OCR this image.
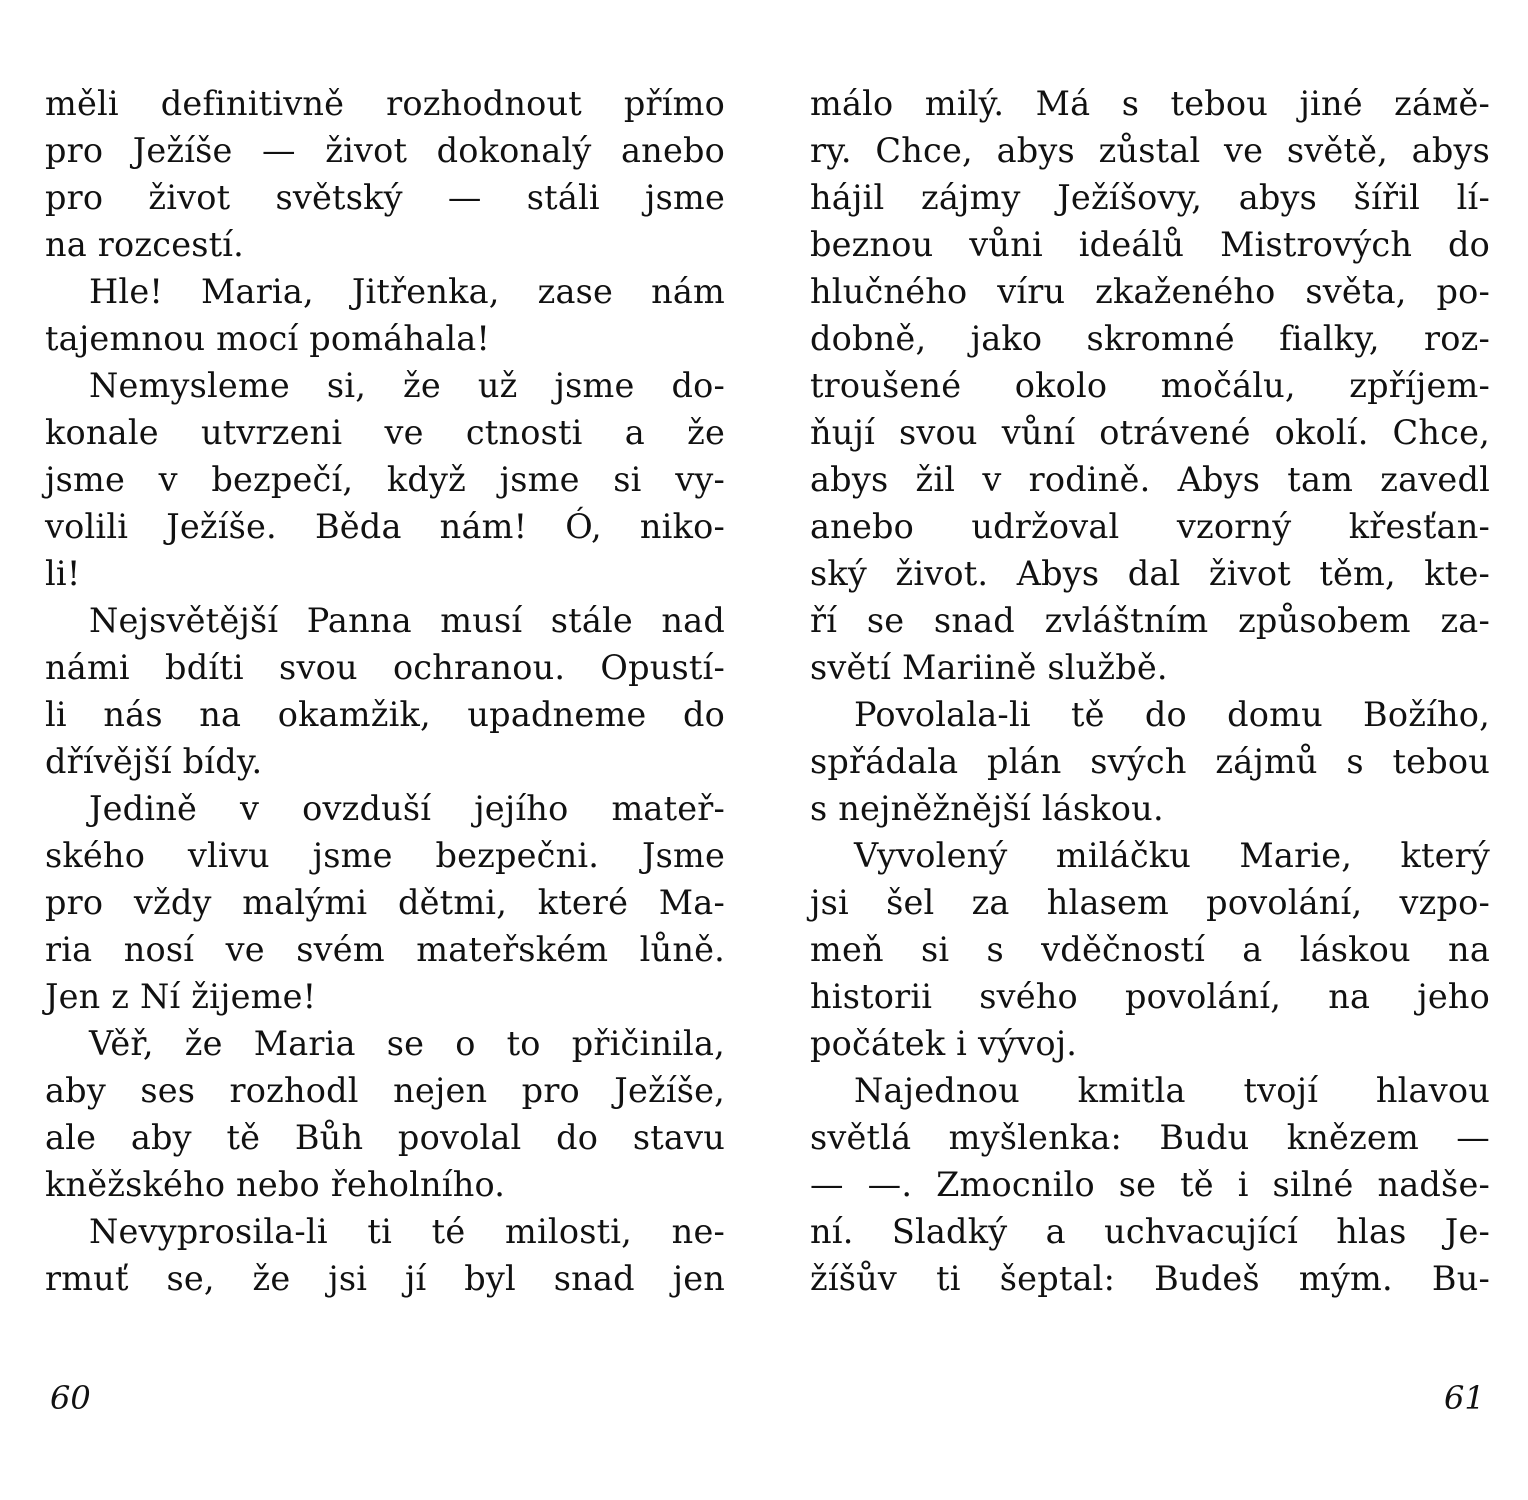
měli definitivně rozhodnout přímo
pro Ježíše — život dokonalý anebo
pro život světský — stáli jsme
na rozcestí.
Hle! Maria, Jitřenka, zase nám
tajemnou mocí pomáhala!
Nemysleme si, že už jsme do-
konale utvrzeni ve ctnosti a že
jsme v bezpečí, když jsme si vy-
volili Ježíše. Běda nám! Ó, niko-
li!
Nejsvětější Panna musí stále nad
námi bdíti svou ochranou. Opustí-
li nás na okamžik, upadneme do
dřívější bídy.
Jedině v ovzduší jejího mateř-
ského vlivu jsme bezpečni. Jsme
pro vždy malými dětmi, které Ma-
ria nosí ve svém mateřském lůně.
Jen z Ní žijeme!
Věř, že Maria se o to přičinila,
aby ses rozhodl nejen pro Ježíše,
ale aby tě Bůh povolal do stavu
kněžského nebo řeholního.
Nevyprosila-li ti té milosti, ne-
rmuť se, že jsi jí byl snad jen
málo milý. Má s tebou jiné záмě-
ry. Chce, abys zůstal ve světě, abys
hájil zájmy Ježíšovy, abys šířil lí-
beznou vůni ideálů Mistrových do
hlučného víru zkaženého světa, po-
dobně, jako skromné fialky, roz-
troušené okolo močálu, zpříjem-
ňují svou vůní otrávené okolí. Chce,
abys žil v rodině. Abys tam zavedl
anebo udržoval vzorný křesťan-
ský život. Abys dal život těm, kte-
ří se snad zvláštním způsobem za-
světí Mariině službě.
Povolala-li tě do domu Božího,
spřádala plán svých zájmů s tebou
s nejněžnější láskou.
Vyvolený miláčku Marie, který
jsi šel za hlasem povolání, vzpo-
meň si s vděčností a láskou na
historii svého povolání, na jeho
počátek i vývoj.
Najednou kmitla tvojí hlavou
světlá myšlenka: Budu knězem —
— —. Zmocnilo se tě i silné nadše-
ní. Sladký a uchvacující hlas Je-
žíšův ti šeptal: Budeš mým. Bu-
60	61
